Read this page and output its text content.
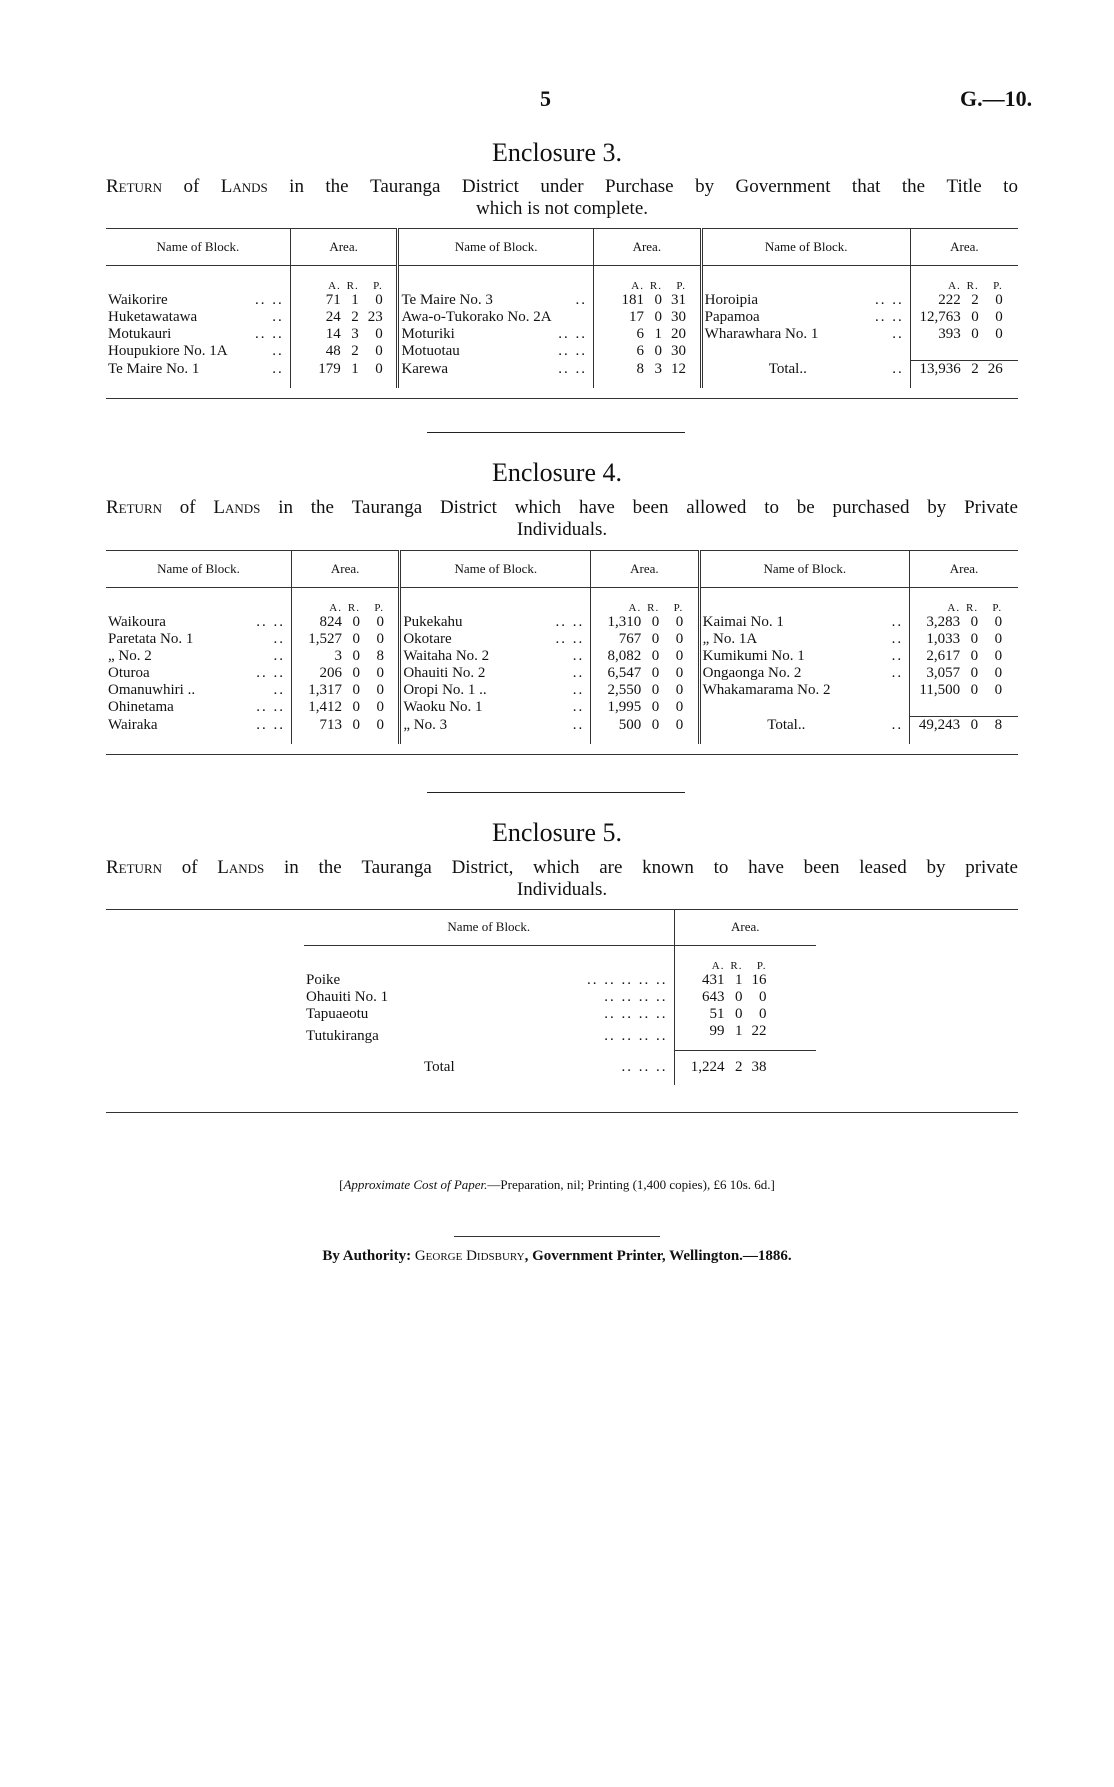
5	G.—10.
Enclosure 3.
Return of Lands in the Tauranga District under Purchase by Government that the Title to
which is not complete.
Name of Block.		Area.	Name of Block.		Area.	Name of Block.		Area.
		A. R. P.			A. R. P.			A. R. P.
Waikorire	.. ..	71 1 0	Te Maire No. 3	..	181 0 31	Horoipia	.. ..	222 2 0
Huketawatawa	..	24 2 23	Awa-o-Tukorako No. 2A		17 0 30	Papamoa	.. ..	12,763 0 0
Motukauri	.. ..	14 3 0	Moturiki	.. ..	6 1 20	Wharawhara No. 1	..	393 0 0
Houpukiore No. 1A	..	48 2 0	Motuotau	.. ..	6 0 30			
Te Maire No. 1	..	179 1 0	Karewa	.. ..	8 3 12	Total..	..	13,936 2 26

Enclosure 4.
Return of Lands in the Tauranga District which have been allowed to be purchased by Private
Individuals.
Name of Block.		Area.	Name of Block.		Area.	Name of Block.		Area.
		A. R. P.			A. R. P.			A. R. P.
Waikoura	.. ..	824 0 0	Pukekahu	.. ..	1,310 0 0	Kaimai No. 1	..	3,283 0 0
Paretata No. 1	..	1,527 0 0	Okotare	.. ..	767 0 0	„ No. 1A	..	1,033 0 0
„ No. 2	..	3 0 8	Waitaha No. 2	..	8,082 0 0	Kumikumi No. 1	..	2,617 0 0
Oturoa	.. ..	206 0 0	Ohauiti No. 2	..	6,547 0 0	Ongaonga No. 2	..	3,057 0 0
Omanuwhiri ..	..	1,317 0 0	Oropi No. 1 ..	..	2,550 0 0	Whakamarama No. 2		11,500 0 0
Ohinetama	.. ..	1,412 0 0	Waoku No. 1	..	1,995 0 0			
Wairaka	.. ..	713 0 0	„ No. 3	..	500 0 0	Total..	..	49,243 0 8

Enclosure 5.
Return of Lands in the Tauranga District, which are known to have been leased by private
Individuals.
Name of Block.		Area.
		A. R. P.
Poike	.. .. .. .. ..	431 1 16
Ohauiti No. 1	.. .. .. ..	643 0 0
Tapuaeotu	.. .. .. ..	51 0 0
Tutukiranga	.. .. .. ..	99 1 22
	Total .. .. ..	1,224 2 38
[Approximate Cost of Paper.—Preparation, nil; Printing (1,400 copies), £6 10s. 6d.]
By Authority: George Didsbury, Government Printer, Wellington.—1886.
